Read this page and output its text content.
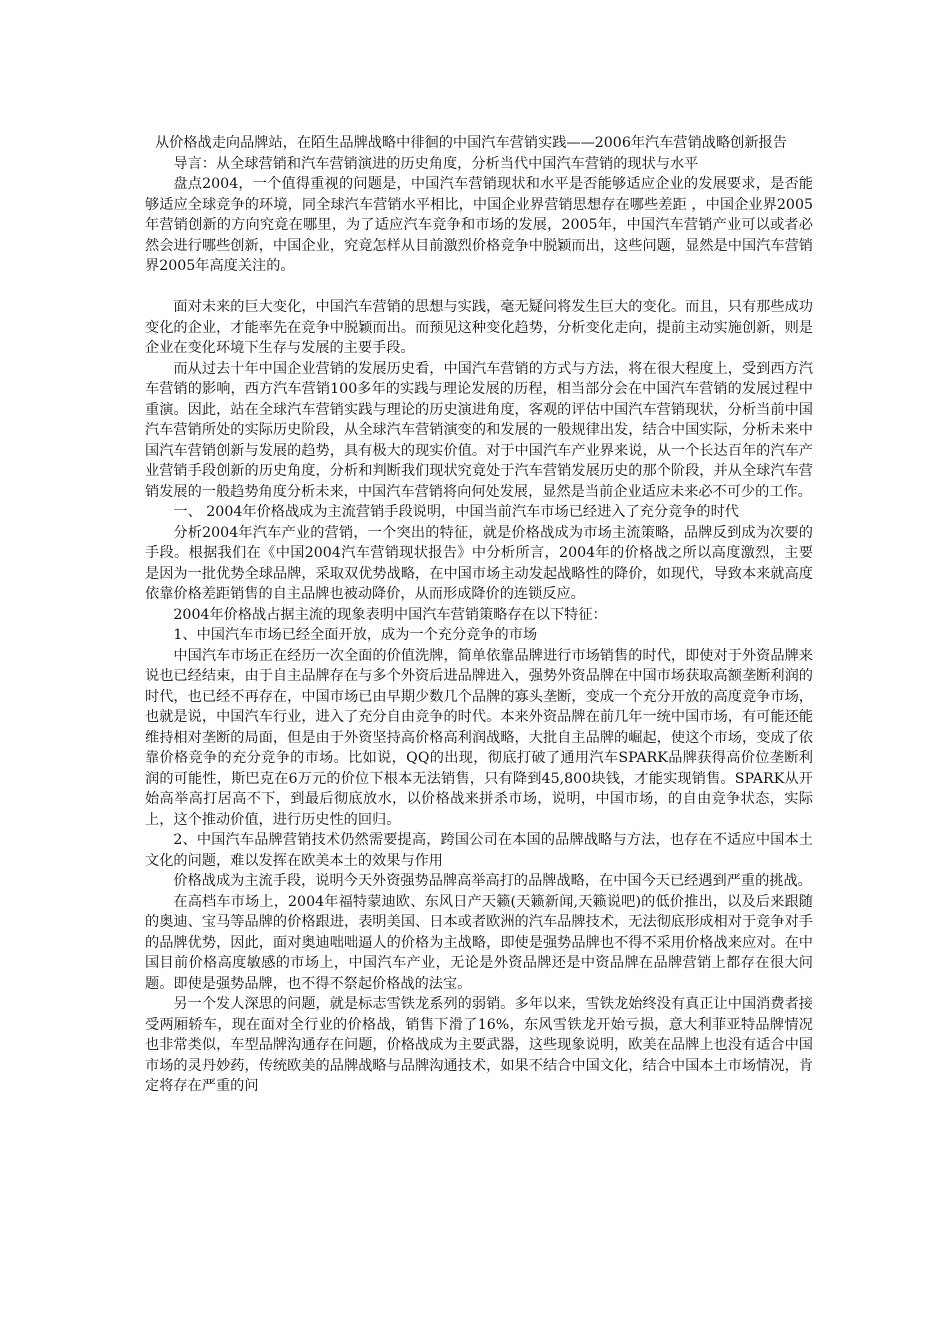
从价格战走向品牌站，在陌生品牌战略中徘徊的中国汽车营销实践——2006年汽车营销战略创新报告

导言：从全球营销和汽车营销演进的历史角度，分析当代中国汽车营销的现状与水平

盘点2004，一个值得重视的问题是，中国汽车营销现状和水平是否能够适应企业的发展要求，是否能够适应全球竞争的环境，同全球汽车营销水平相比，中国企业界营销思想存在哪些差距 ，中国企业界2005年营销创新的方向究竟在哪里，为了适应汽车竞争和市场的发展，2005年，中国汽车营销产业可以或者必然会进行哪些创新，中国企业，究竟怎样从目前激烈价格竞争中脱颖而出，这些问题，显然是中国汽车营销界2005年高度关注的。

面对未来的巨大变化，中国汽车营销的思想与实践，毫无疑问将发生巨大的变化。而且，只有那些成功变化的企业，才能率先在竞争中脱颖而出。而预见这种变化趋势，分析变化走向，提前主动实施创新，则是企业在变化环境下生存与发展的主要手段。

而从过去十年中国企业营销的发展历史看，中国汽车营销的方式与方法，将在很大程度上，受到西方汽车营销的影响，西方汽车营销100多年的实践与理论发展的历程，相当部分会在中国汽车营销的发展过程中重演。因此，站在全球汽车营销实践与理论的历史演进角度，客观的评估中国汽车营销现状，分析当前中国汽车营销所处的实际历史阶段，从全球汽车营销演变的和发展的一般规律出发，结合中国实际，分析未来中国汽车营销创新与发展的趋势，具有极大的现实价值。对于中国汽车产业界来说，从一个长达百年的汽车产业营销手段创新的历史角度，分析和判断我们现状究竟处于汽车营销发展历史的那个阶段，并从全球汽车营销发展的一般趋势角度分析未来，中国汽车营销将向何处发展，显然是当前企业适应未来必不可少的工作。

一、 2004年价格战成为主流营销手段说明，中国当前汽车市场已经进入了充分竞争的时代

分析2004年汽车产业的营销，一个突出的特征，就是价格战成为市场主流策略，品牌反到成为次要的手段。根据我们在《中国2004汽车营销现状报告》中分析所言，2004年的价格战之所以高度激烈，主要是因为一批优势全球品牌，采取双优势战略，在中国市场主动发起战略性的降价，如现代，导致本来就高度依靠价格差距销售的自主品牌也被动降价，从而形成降价的连锁反应。

2004年价格战占据主流的现象表明中国汽车营销策略存在以下特征：

1、中国汽车市场已经全面开放，成为一个充分竞争的市场

中国汽车市场正在经历一次全面的价值洗牌，简单依靠品牌进行市场销售的时代，即使对于外资品牌来说也已经结束，由于自主品牌存在与多个外资后进品牌进入，强势外资品牌在中国市场获取高额垄断利润的时代，也已经不再存在，中国市场已由早期少数几个品牌的寡头垄断，变成一个充分开放的高度竞争市场，也就是说，中国汽车行业，进入了充分自由竞争的时代。本来外资品牌在前几年一统中国市场，有可能还能维持相对垄断的局面，但是由于外资坚持高价格高利润战略，大批自主品牌的崛起，使这个市场，变成了依靠价格竞争的充分竞争的市场。比如说，QQ的出现，彻底打破了通用汽车SPARK品牌获得高价位垄断利润的可能性，斯巴克在6万元的价位下根本无法销售，只有降到45,800块钱，才能实现销售。SPARK从开始高举高打居高不下，到最后彻底放水，以价格战来拼杀市场，说明，中国市场，的自由竞争状态，实际上，这个推动价值，进行历史性的回归。

2、中国汽车品牌营销技术仍然需要提高，跨国公司在本国的品牌战略与方法，也存在不适应中国本土文化的问题，难以发挥在欧美本土的效果与作用

价格战成为主流手段，说明今天外资强势品牌高举高打的品牌战略，在中国今天已经遇到严重的挑战。

在高档车市场上，2004年福特蒙迪欧、东风日产天籁(天籁新闻,天籁说吧)的低价推出，以及后来跟随的奥迪、宝马等品牌的价格跟进，表明美国、日本或者欧洲的汽车品牌技术，无法彻底形成相对于竞争对手的品牌优势，因此，面对奥迪咄咄逼人的价格为主战略，即使是强势品牌也不得不采用价格战来应对。在中国目前价格高度敏感的市场上，中国汽车产业，无论是外资品牌还是中资品牌在品牌营销上都存在很大问题。即使是强势品牌，也不得不祭起价格战的法宝。

另一个发人深思的问题，就是标志雪铁龙系列的弱销。多年以来，雪铁龙始终没有真正让中国消费者接受两厢轿车，现在面对全行业的价格战，销售下滑了16%，东风雪铁龙开始亏损，意大利菲亚特品牌情况也非常类似，车型品牌沟通存在问题，价格战成为主要武器，这些现象说明，欧美在品牌上也没有适合中国市场的灵丹妙药，传统欧美的品牌战略与品牌沟通技术，如果不结合中国文化，结合中国本土市场情况，肯定将存在严重的问
